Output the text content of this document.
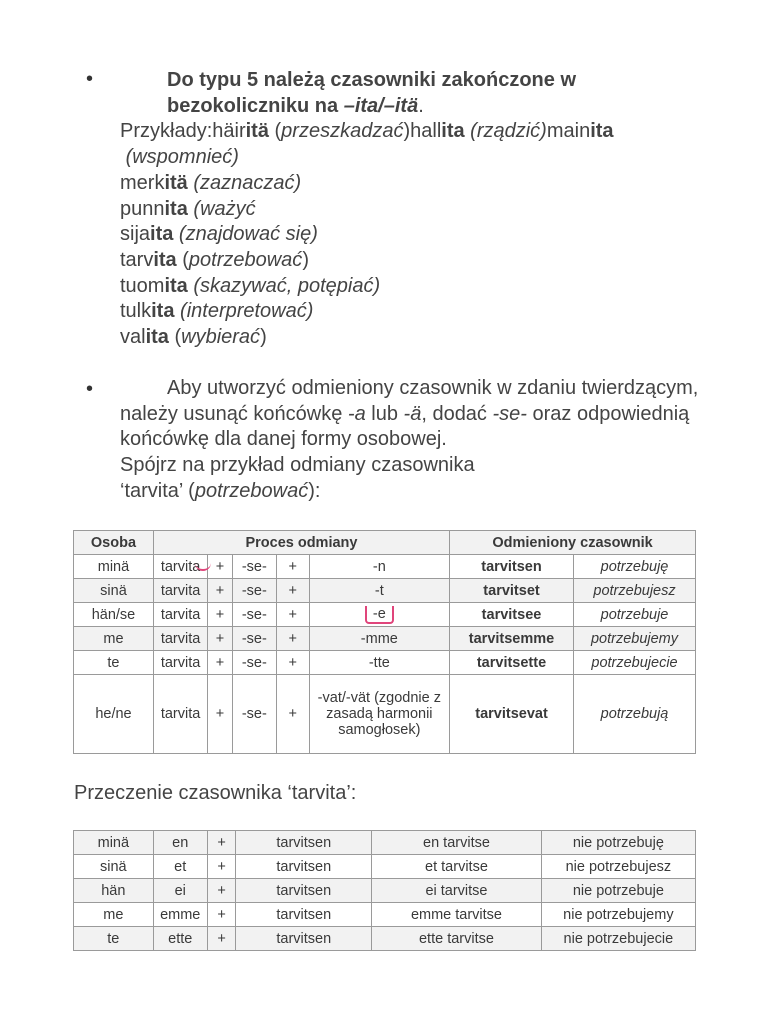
•	Do typu 5 należą czasowniki zakończone w bezokoliczniku na –ita/–itä.
Przykłady:häiritä (przeszkadzać)hallita (rządzić)mainita
(wspomnieć)
merkitä (zaznaczać)
punnita (ważyć
sijaita (znajdować się)
tarvita (potrzebować)
tuomita (skazywać, potępiać)
tulkita (interpretować)
valita (wybierać)
•	Aby utworzyć odmieniony czasownik w zdaniu twierdzącym, należy usunąć końcówkę -a lub -ä, dodać -se- oraz odpowiednią końcówkę dla danej formy osobowej.
Spójrz na przykład odmiany czasownika
‘tarvita’ (potrzebować):
Osoba	Proces odmiany					Odmieniony czasownik	
minä	tarvita	+	-se-	+	-n	tarvitsen	potrzebuję
sinä	tarvita	+	-se-	+	-t	tarvitset	potrzebujesz
hän/se	tarvita	+	-se-	+	-e	tarvitsee	potrzebuje
me	tarvita	+	-se-	+	-mme	tarvitsemme	potrzebujemy
te	tarvita	+	-se-	+	-tte	tarvitsette	potrzebujecie
he/ne	tarvita	+	-se-	+	-vat/-vät (zgodnie z zasadą harmonii samogłosek)	tarvitsevat	potrzebują
Przeczenie czasownika ‘tarvita’:
minä	en	+	tarvitsen	en tarvitse	nie potrzebuję
sinä	et	+	tarvitsen	et tarvitse	nie potrzebujesz
hän	ei	+	tarvitsen	ei tarvitse	nie potrzebuje
me	emme	+	tarvitsen	emme tarvitse	nie potrzebujemy
te	ette	+	tarvitsen	ette tarvitse	nie potrzebujecie
